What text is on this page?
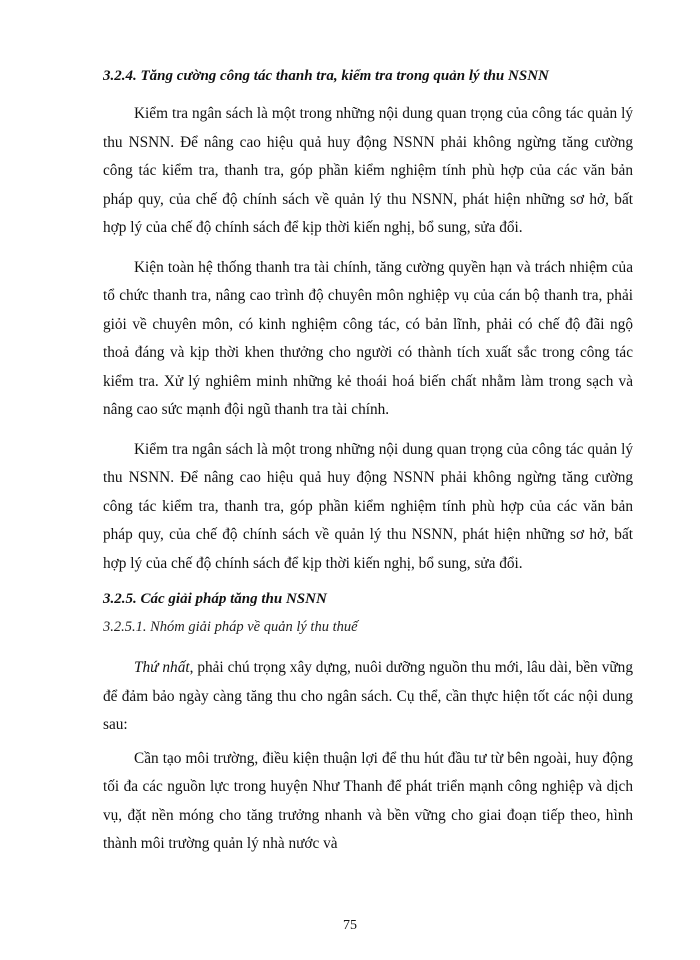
3.2.4. Tăng cường công tác thanh tra, kiểm tra trong quản lý thu NSNN

Kiểm tra ngân sách là một trong những nội dung quan trọng của công tác quản lý thu NSNN. Để nâng cao hiệu quả huy động NSNN phải không ngừng tăng cường công tác kiểm tra, thanh tra, góp phần kiểm nghiệm tính phù hợp của các văn bản pháp quy, của chế độ chính sách về quản lý thu NSNN, phát hiện những sơ hở, bất hợp lý của chế độ chính sách để kịp thời kiến nghị, bổ sung, sửa đổi.

Kiện toàn hệ thống thanh tra tài chính, tăng cường quyền hạn và trách nhiệm của tổ chức thanh tra, nâng cao trình độ chuyên môn nghiệp vụ của cán bộ thanh tra, phải giỏi về chuyên môn, có kinh nghiệm công tác, có bản lĩnh, phải có chế độ đãi ngộ thoả đáng và kịp thời khen thưởng cho người có thành tích xuất sắc trong công tác kiểm tra. Xử lý nghiêm minh những kẻ thoái hoá biến chất nhằm làm trong sạch và nâng cao sức mạnh đội ngũ thanh tra tài chính.

Kiểm tra ngân sách là một trong những nội dung quan trọng của công tác quản lý thu NSNN. Để nâng cao hiệu quả huy động NSNN phải không ngừng tăng cường công tác kiểm tra, thanh tra, góp phần kiểm nghiệm tính phù hợp của các văn bản pháp quy, của chế độ chính sách về quản lý thu NSNN, phát hiện những sơ hở, bất hợp lý của chế độ chính sách để kịp thời kiến nghị, bổ sung, sửa đổi.

3.2.5. Các giải pháp tăng thu NSNN
3.2.5.1. Nhóm giải pháp về quản lý thu thuế

Thứ nhất, phải chú trọng xây dựng, nuôi dưỡng nguồn thu mới, lâu dài, bền vững để đảm bảo ngày càng tăng thu cho ngân sách. Cụ thể, cần thực hiện tốt các nội dung sau:

Cần tạo môi trường, điều kiện thuận lợi để thu hút đầu tư từ bên ngoài, huy động tối đa các nguồn lực trong huyện Như Thanh để phát triển mạnh công nghiệp và dịch vụ, đặt nền móng cho tăng trưởng nhanh và bền vững cho giai đoạn tiếp theo, hình thành môi trường quản lý nhà nước và

75
